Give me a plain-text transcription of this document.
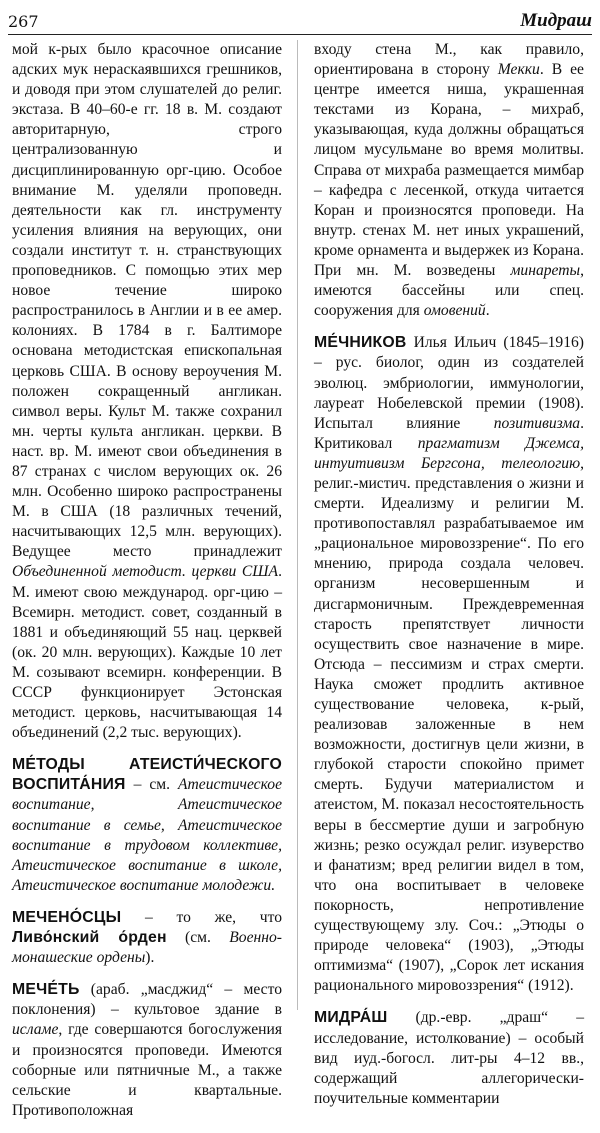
267	Мидраш

мой к-рых было красочное описание адских мук нераскаявшихся грешников, и доводя при этом слушателей до религ. экстаза. В 40–60-е гг. 18 в. М. создают авторитарную, строго централизованную и дисциплинированную орг-цию. Особое внимание М. уделяли проповедн. деятельности как гл. инструменту усиления влияния на верующих, они создали институт т. н. странствующих проповедников. С помощью этих мер новое течение широко распространилось в Англии и в ее амер. колониях. В 1784 в г. Балтиморе основана методистская епископальная церковь США. В основу вероучения М. положен сокращенный англикан. символ веры. Культ М. также сохранил мн. черты культа англикан. церкви. В наст. вр. М. имеют свои объединения в 87 странах с числом верующих ок. 26 млн. Особенно широко распространены М. в США (18 различных течений, насчитывающих 12,5 млн. верующих). Ведущее место принадлежит Объединенной методист. церкви США. М. имеют свою международ. орг-цию – Всемирн. методист. совет, созданный в 1881 и объединяющий 55 нац. церквей (ок. 20 млн. верующих). Каждые 10 лет М. созывают всемирн. конференции. В СССР функционирует Эстонская методист. церковь, насчитывающая 14 объединений (2,2 тыс. верующих).

МЕ́ТОДЫ АТЕИСТИ́ЧЕСКОГО ВОСПИТА́НИЯ – см. Атеистическое воспитание, Атеистическое воспитание в семье, Атеистическое воспитание в трудовом коллективе, Атеистическое воспитание в школе, Атеистическое воспитание молодежи.

МЕЧЕНО́СЦЫ – то же, что Ливо́нский о́рден (см. Военно-монашеские ордены).

МЕЧЕ́ТЬ (араб. „масджид“ – место поклонения) – культовое здание в исламе, где совершаются богослужения и произносятся проповеди. Имеются соборные или пятничные М., а также сельские и квартальные. Противоположная

входу стена М., как правило, ориентирована в сторону Мекки. В ее центре имеется ниша, украшенная текстами из Корана, – михраб, указывающая, куда должны обращаться лицом мусульмане во время молитвы. Справа от михраба размещается мимбар – кафедра с лесенкой, откуда читается Коран и произносятся проповеди. На внутр. стенах М. нет иных украшений, кроме орнамента и выдержек из Корана. При мн. М. возведены минареты, имеются бассейны или спец. сооружения для омовений.

МЕ́ЧНИКОВ Илья Ильич (1845–1916) – рус. биолог, один из создателей эволюц. эмбриологии, иммунологии, лауреат Нобелевской премии (1908). Испытал влияние позитивизма. Критиковал прагматизм Джемса, интуитивизм Бергсона, телеологию, религ.-мистич. представления о жизни и смерти. Идеализму и религии М. противопоставлял разрабатываемое им „рациональное мировоззрение“. По его мнению, природа создала человеч. организм несовершенным и дисгармоничным. Преждевременная старость препятствует личности осуществить свое назначение в мире. Отсюда – пессимизм и страх смерти. Наука сможет продлить активное существование человека, к-рый, реализовав заложенные в нем возможности, достигнув цели жизни, в глубокой старости спокойно примет смерть. Будучи материалистом и атеистом, М. показал несостоятельность веры в бессмертие души и загробную жизнь; резко осуждал религ. изуверство и фанатизм; вред религии видел в том, что она воспитывает в человеке покорность, непротивление существующему злу. Соч.: „Этюды о природе человека“ (1903), „Этюды оптимизма“ (1907), „Сорок лет искания рационального мировоззрения“ (1912).

МИДРА́Ш (др.-евр. „драш“ – исследование, истолкование) – особый вид иуд.-богосл. лит-ры 4–12 вв., содержащий аллегорически-поучительные комментарии
